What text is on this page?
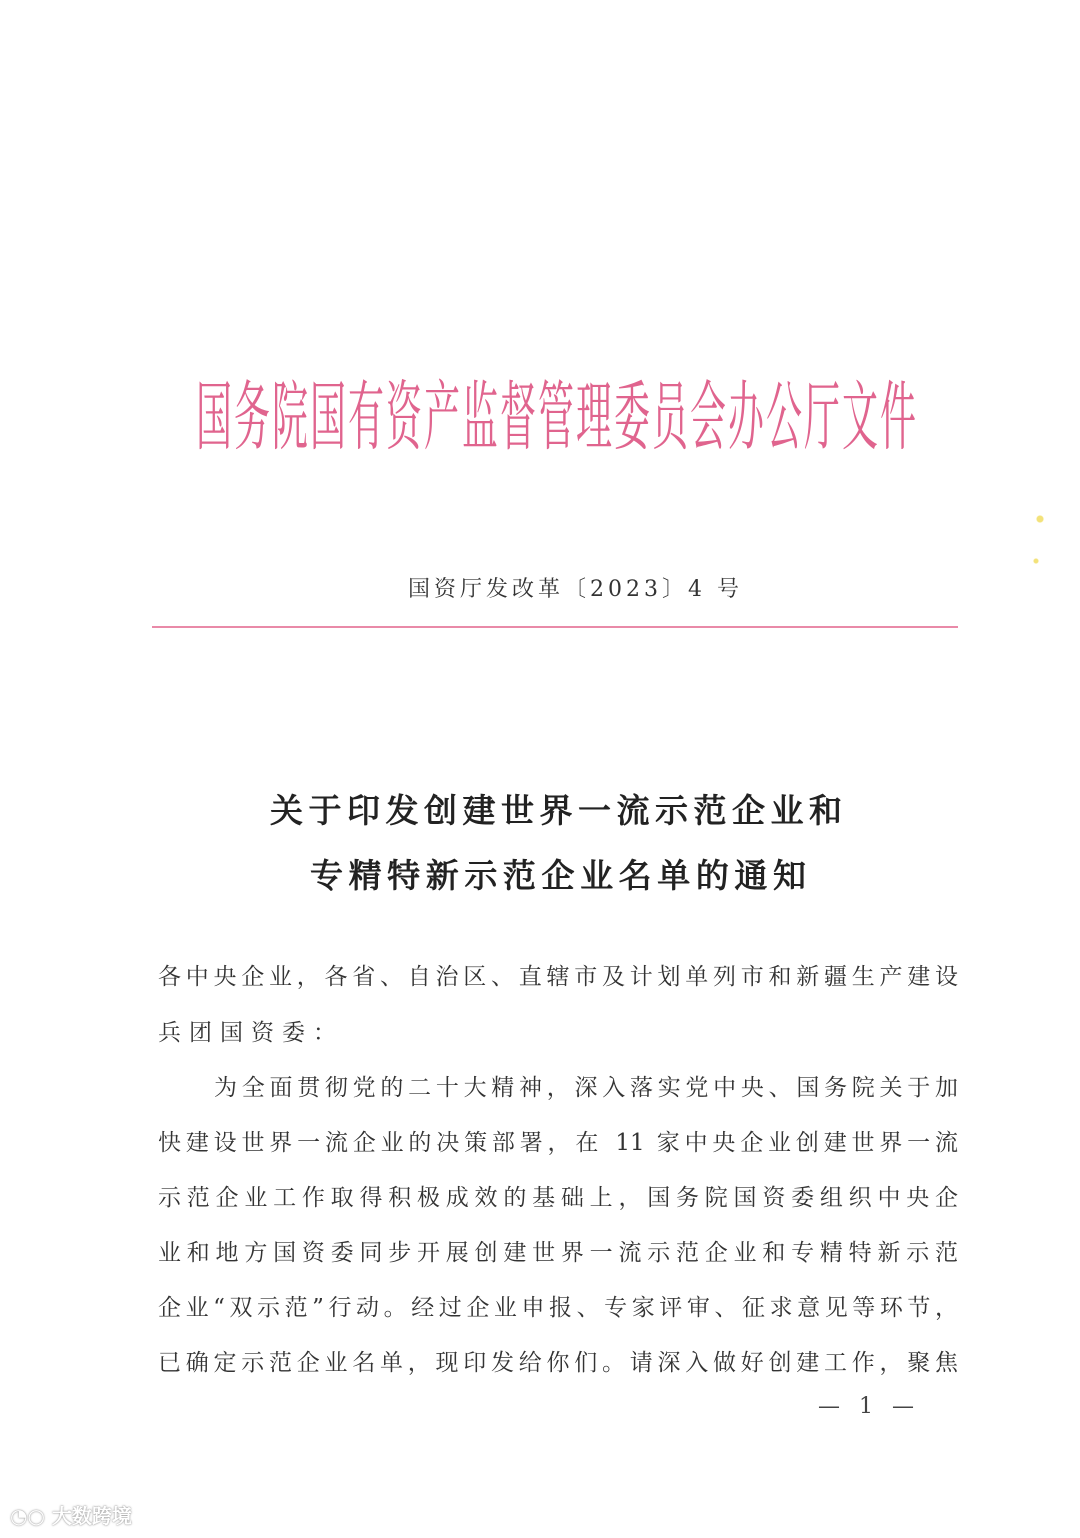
国务院国有资产监督管理委员会办公厅文件
国资厅发改革〔2023〕4 号
关于印发创建世界一流示范企业和
专精特新示范企业名单的通知
各中央企业，各省、自治区、直辖市及计划单列市和新疆生产建设
兵团国资委：
为全面贯彻党的二十大精神，深入落实党中央、国务院关于加
快建设世界一流企业的决策部署，在 11 家中央企业创建世界一流
示范企业工作取得积极成效的基础上，国务院国资委组织中央企
业和地方国资委同步开展创建世界一流示范企业和专精特新示范
企业“双示范”行动。经过企业申报、专家评审、征求意见等环节，
已确定示范企业名单，现印发给你们。请深入做好创建工作，聚焦
— 1 —
◔○ 大数跨境
